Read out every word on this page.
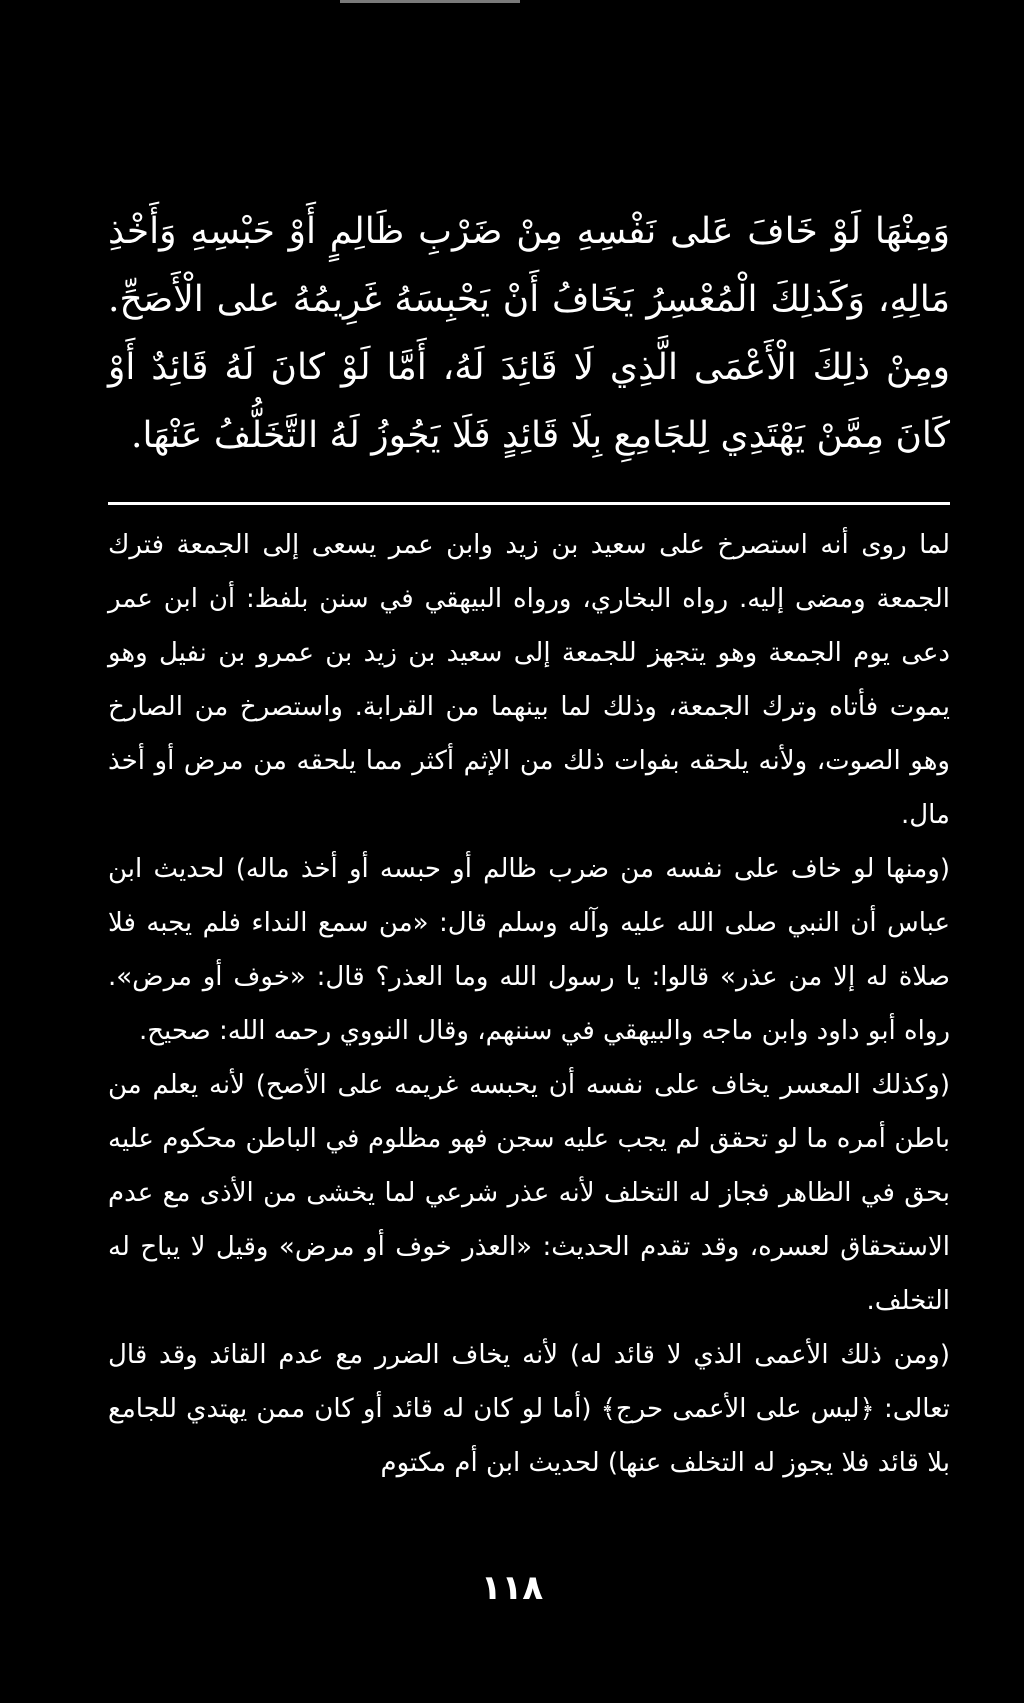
وَمِنْهَا لَوْ خَافَ عَلى نَفْسِهِ مِنْ ضَرْبِ ظَالِمٍ أَوْ حَبْسِهِ وَأَخْذِ مَالِهِ، وَكَذلِكَ الْمُعْسِرُ يَخَافُ أَنْ يَحْبِسَهُ غَرِيمُهُ على الْأَصَحِّ. ومِنْ ذلِكَ الْأَعْمَى الَّذِي لَا قَائِدَ لَهُ، أَمَّا لَوْ كانَ لَهُ قَائِدٌ أَوْ كَانَ مِمَّنْ يَهْتَدِي لِلجَامِعِ بِلَا قَائِدٍ فَلَا يَجُوزُ لَهُ التَّخَلُّفُ عَنْهَا.

لما روى أنه استصرخ على سعيد بن زيد وابن عمر يسعى إلى الجمعة فترك الجمعة ومضى إليه. رواه البخاري، ورواه البيهقي في سنن بلفظ: أن ابن عمر دعى يوم الجمعة وهو يتجهز للجمعة إلى سعيد بن زيد بن عمرو بن نفيل وهو يموت فأتاه وترك الجمعة، وذلك لما بينهما من القرابة. واستصرخ من الصارخ وهو الصوت، ولأنه يلحقه بفوات ذلك من الإثم أكثر مما يلحقه من مرض أو أخذ مال.

(ومنها لو خاف على نفسه من ضرب ظالم أو حبسه أو أخذ ماله) لحديث ابن عباس أن النبي صلى الله عليه وآله وسلم قال: «من سمع النداء فلم يجبه فلا صلاة له إلا من عذر» قالوا: يا رسول الله وما العذر؟ قال: «خوف أو مرض». رواه أبو داود وابن ماجه والبيهقي في سننهم، وقال النووي رحمه الله: صحيح.

(وكذلك المعسر يخاف على نفسه أن يحبسه غريمه على الأصح) لأنه يعلم من باطن أمره ما لو تحقق لم يجب عليه سجن فهو مظلوم في الباطن محكوم عليه بحق في الظاهر فجاز له التخلف لأنه عذر شرعي لما يخشى من الأذى مع عدم الاستحقاق لعسره، وقد تقدم الحديث: «العذر خوف أو مرض» وقيل لا يباح له التخلف.

(ومن ذلك الأعمى الذي لا قائد له) لأنه يخاف الضرر مع عدم القائد وقد قال تعالى: ﴿ليس على الأعمى حرج﴾ (أما لو كان له قائد أو كان ممن يهتدي للجامع بلا قائد فلا يجوز له التخلف عنها) لحديث ابن أم مكتوم

١١٨
